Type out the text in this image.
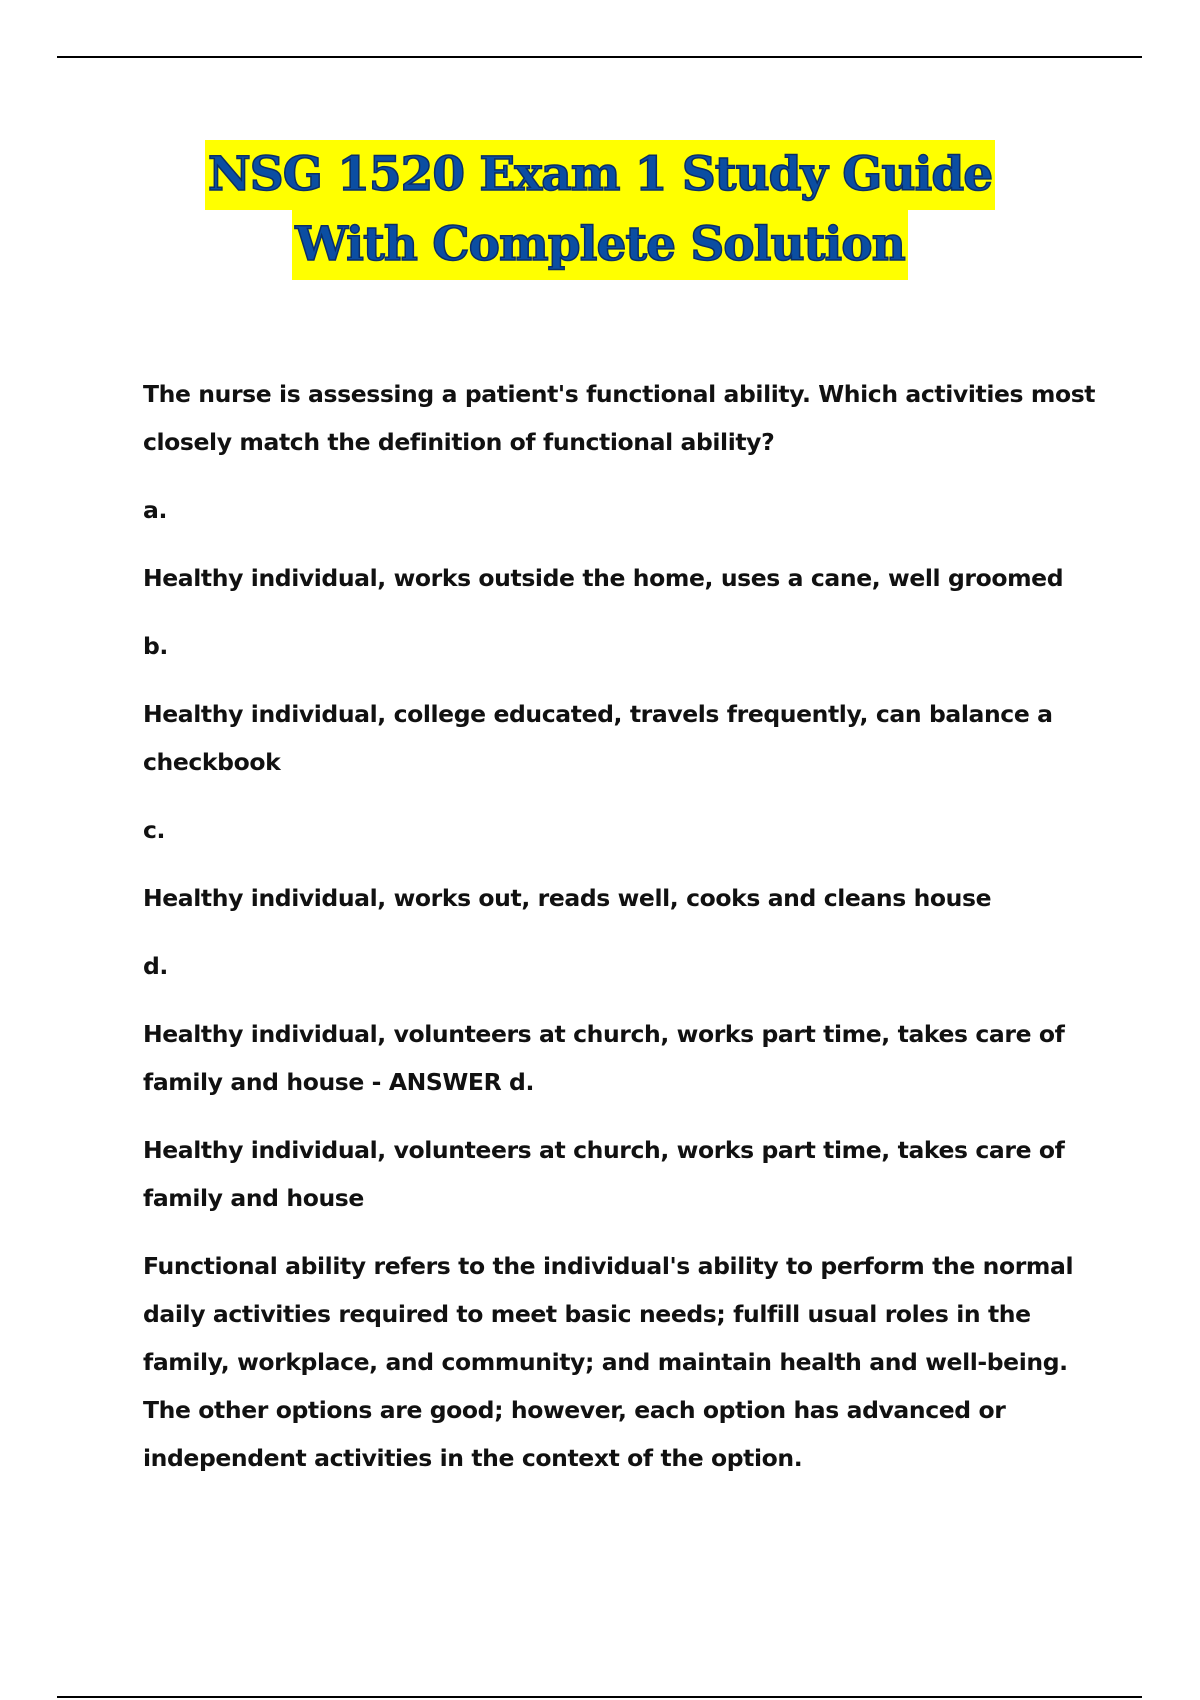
NSG 1520 Exam 1 Study Guide
With Complete Solution

The nurse is assessing a patient's functional ability. Which activities most closely match the definition of functional ability?

a.

Healthy individual, works outside the home, uses a cane, well groomed

b.

Healthy individual, college educated, travels frequently, can balance a checkbook

c.

Healthy individual, works out, reads well, cooks and cleans house

d.

Healthy individual, volunteers at church, works part time, takes care of family and house - ANSWER d.

Healthy individual, volunteers at church, works part time, takes care of family and house

Functional ability refers to the individual's ability to perform the normal daily activities required to meet basic needs; fulfill usual roles in the family, workplace, and community; and maintain health and well-being. The other options are good; however, each option has advanced or independent activities in the context of the option.
